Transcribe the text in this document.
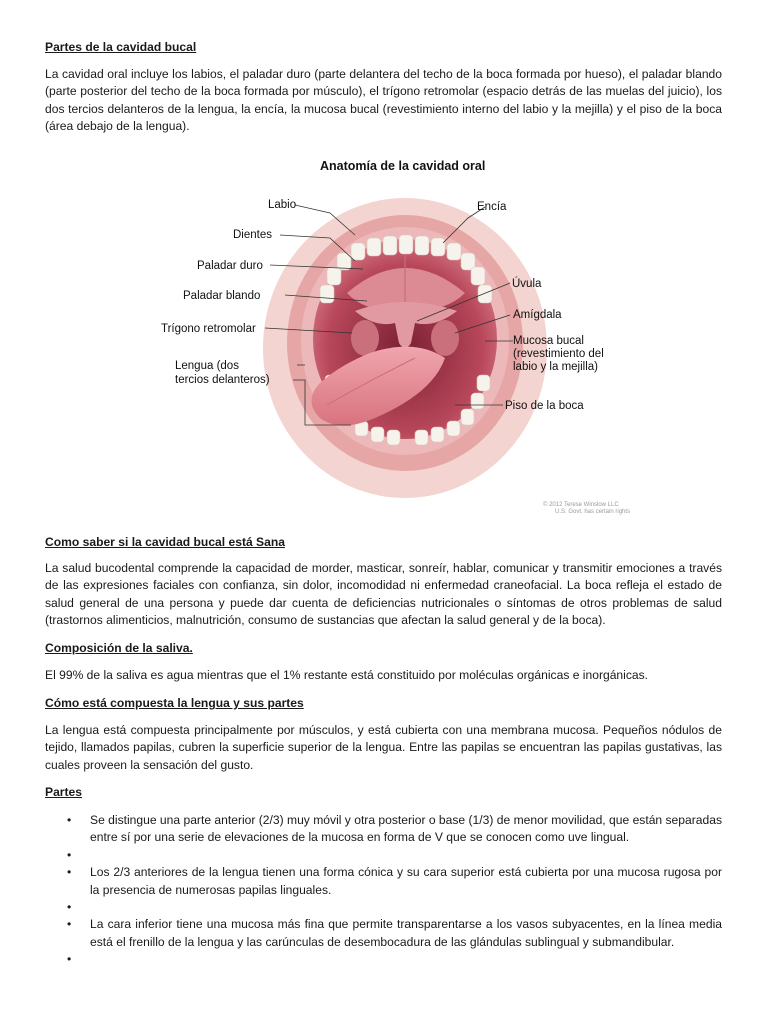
Partes de la cavidad bucal
La cavidad oral incluye los labios, el paladar duro (parte delantera del techo de la boca formada por hueso), el paladar blando (parte posterior del techo de la boca formada por músculo), el trígono retromolar (espacio detrás de las muelas del juicio), los dos tercios delanteros de la lengua, la encía, la mucosa bucal (revestimiento interno del labio y la mejilla) y el piso de la boca (área debajo de la lengua).
Anatomía de la cavidad oral
Labio
Dientes
Paladar duro
Paladar blando
Trígono retromolar
Lengua (dos
tercios delanteros)
Encía
Úvula
Amígdala
Mucosa bucal
(revestimiento del
labio y la mejilla)
Piso de la boca
© 2012 Terese Winslow LLC
U.S. Govt. has certain rights
Como saber si la cavidad bucal está Sana
La salud bucodental comprende la capacidad de morder, masticar, sonreír, hablar, comunicar y transmitir emociones a través de las expresiones faciales con confianza, sin dolor, incomodidad ni enfermedad craneofacial. La boca refleja el estado de salud general de una persona y puede dar cuenta de deficiencias nutricionales o síntomas de otros problemas de salud (trastornos alimenticios, malnutrición, consumo de sustancias que afectan la salud general y de la boca).
Composición de la saliva.
El 99% de la saliva es agua mientras que el 1% restante está constituido por moléculas orgánicas e inorgánicas.
Cómo está compuesta la lengua y sus partes
La lengua está compuesta principalmente por músculos, y está cubierta con una membrana mucosa. Pequeños nódulos de tejido, llamados papilas, cubren la superficie superior de la lengua. Entre las papilas se encuentran las papilas gustativas, las cuales proveen la sensación del gusto.
Partes
• Se distingue una parte anterior (2/3) muy móvil y otra posterior o base (1/3) de menor movilidad, que están separadas entre sí por una serie de elevaciones de la mucosa en forma de V que se conocen como uve lingual.
•
• Los 2/3 anteriores de la lengua tienen una forma cónica y su cara superior está cubierta por una mucosa rugosa por la presencia de numerosas papilas linguales.
•
• La cara inferior tiene una mucosa más fina que permite transparentarse a los vasos subyacentes, en la línea media está el frenillo de la lengua y las carúnculas de desembocadura de las glándulas sublingual y submandibular.
•
